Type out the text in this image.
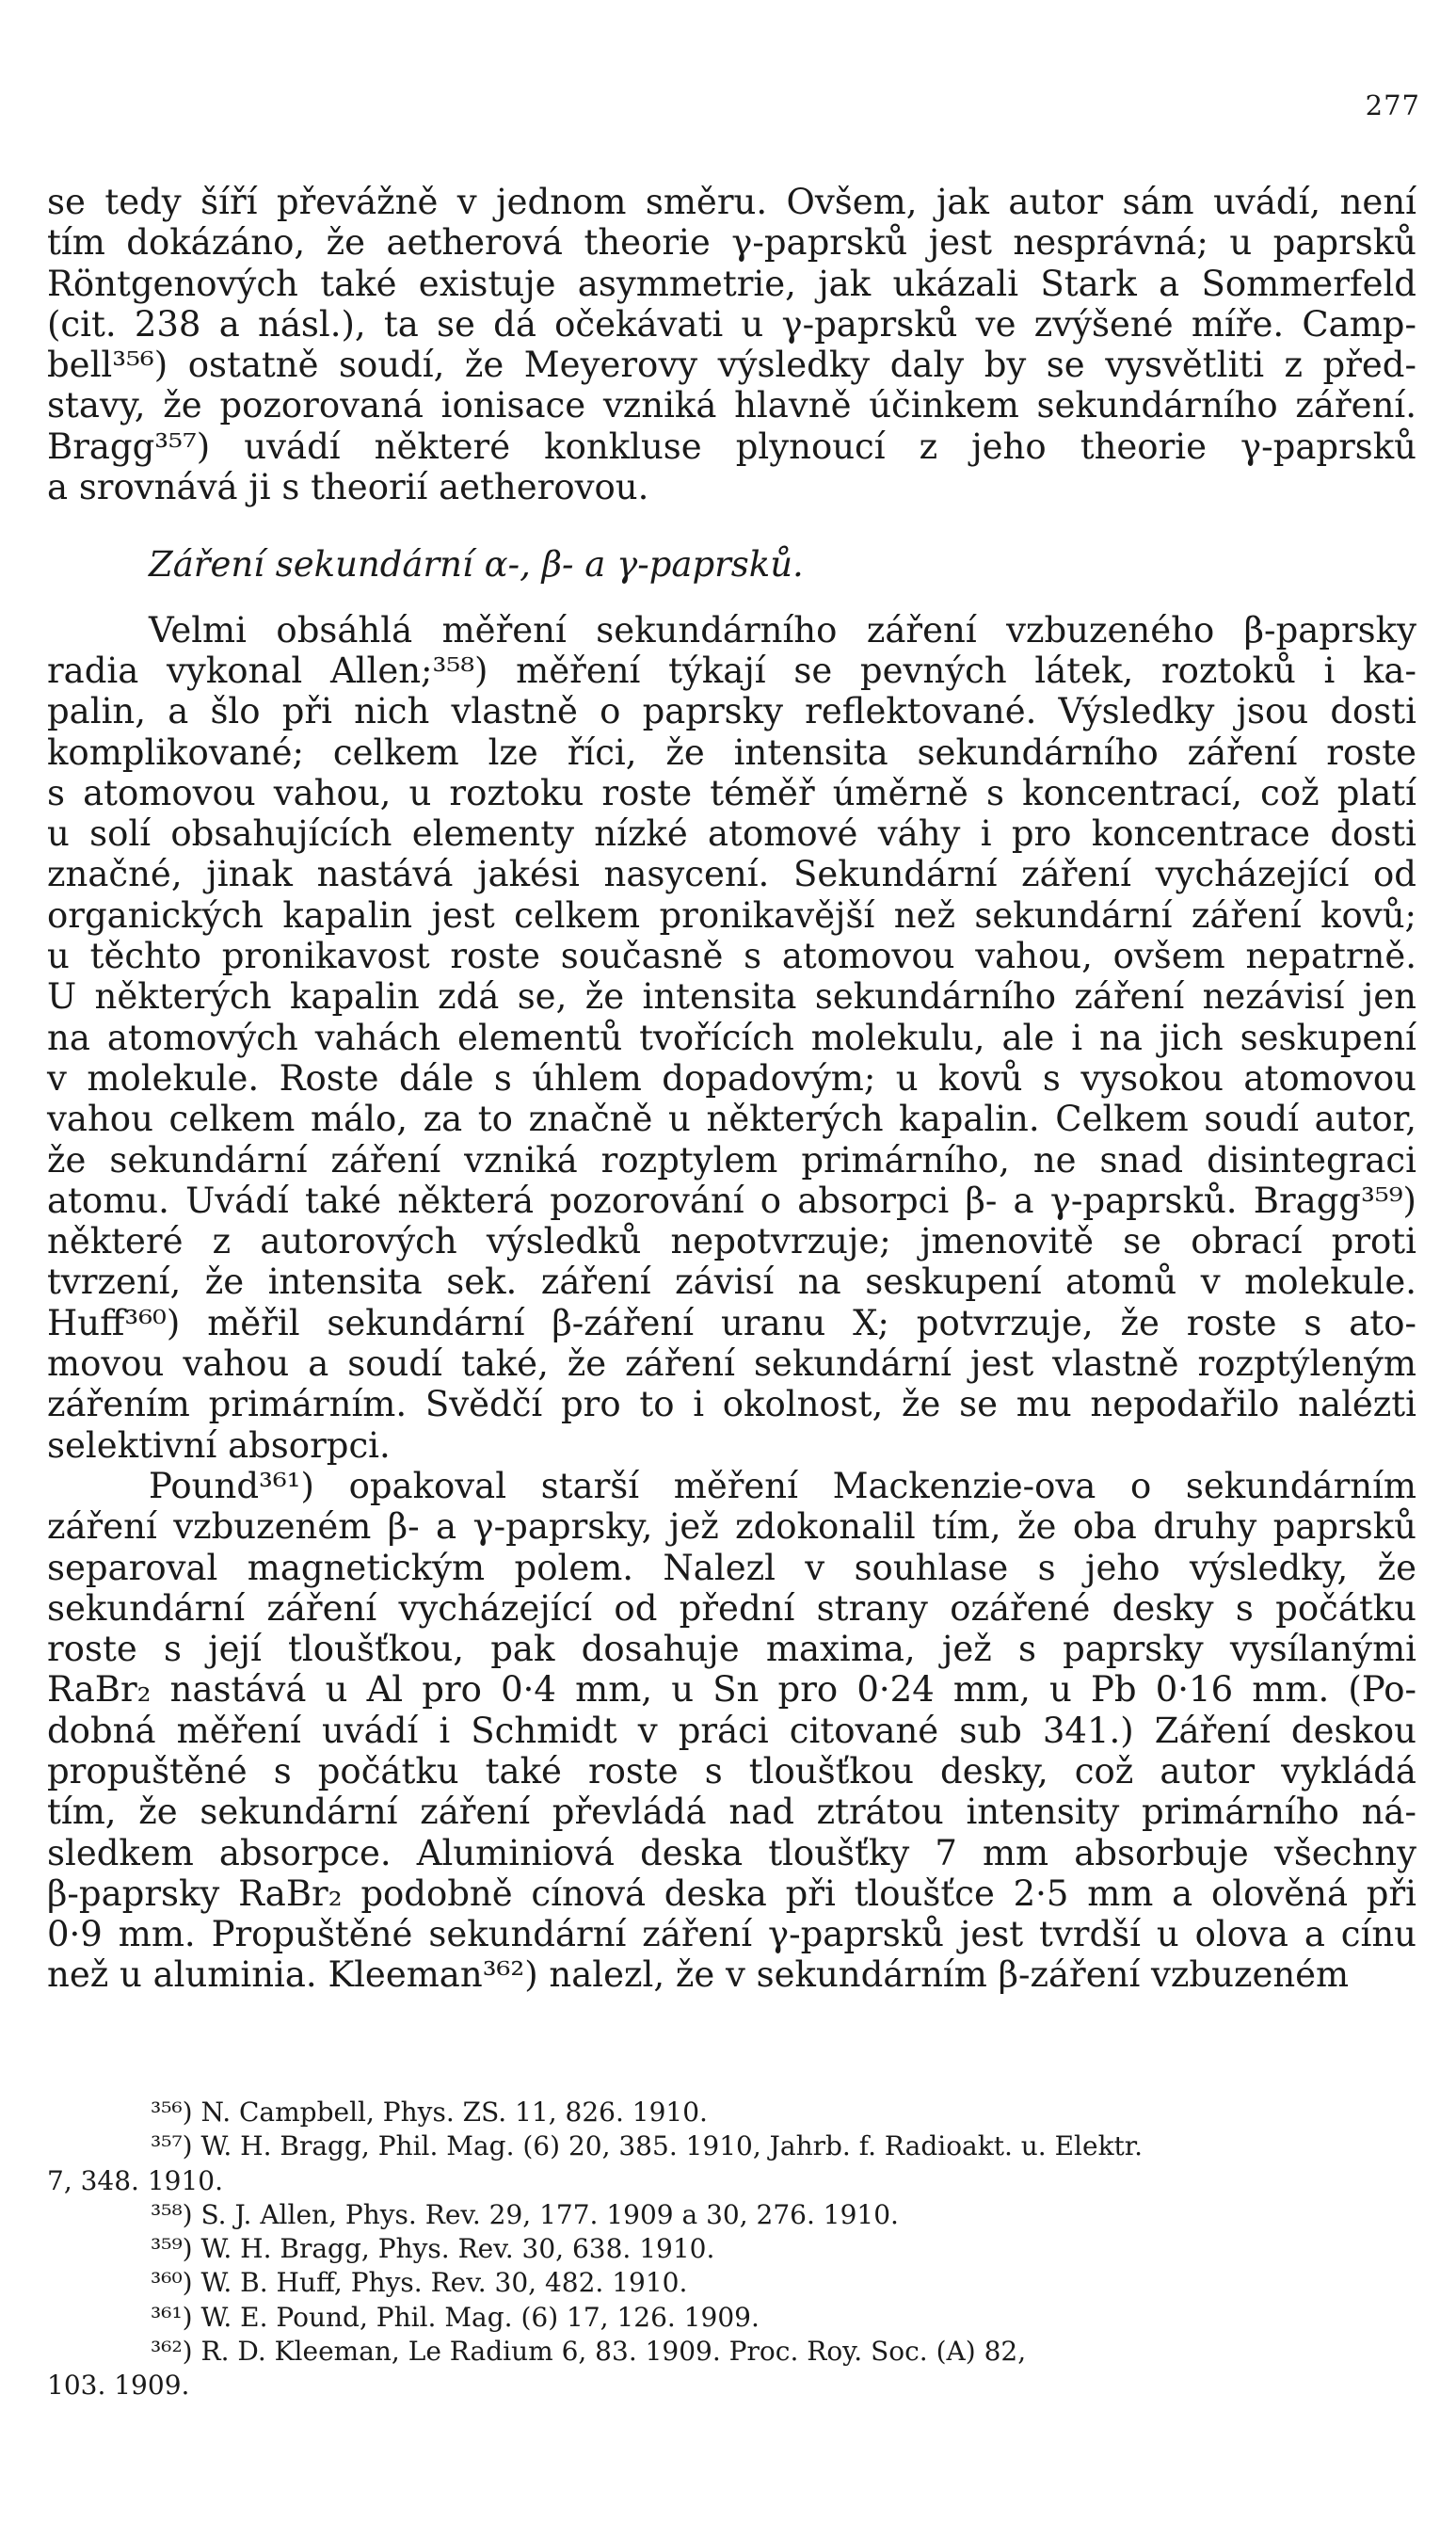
277
se tedy šíří převážně v jednom směru. Ovšem, jak autor sám uvádí, není
tím dokázáno, že aetherová theorie γ-paprsků jest nesprávná; u paprsků
Röntgenových také existuje asymmetrie, jak ukázali Stark a Sommerfeld
(cit. 238 a násl.), ta se dá očekávati u γ-paprsků ve zvýšené míře. Camp-
bell³⁵⁶) ostatně soudí, že Meyerovy výsledky daly by se vysvětliti z před-
stavy, že pozorovaná ionisace vzniká hlavně účinkem sekundárního záření.
Bragg³⁵⁷) uvádí některé konkluse plynoucí z jeho theorie γ-paprsků
a srovnává ji s theorií aetherovou.
Záření sekundární α-, β- a γ-paprsků.
Velmi obsáhlá měření sekundárního záření vzbuzeného β-paprsky
radia vykonal Allen;³⁵⁸) měření týkají se pevných látek, roztoků i ka-
palin, a šlo při nich vlastně o paprsky reflektované. Výsledky jsou dosti
komplikované; celkem lze říci, že intensita sekundárního záření roste
s atomovou vahou, u roztoku roste téměř úměrně s koncentrací, což platí
u solí obsahujících elementy nízké atomové váhy i pro koncentrace dosti
značné, jinak nastává jakési nasycení. Sekundární záření vycházející od
organických kapalin jest celkem pronikavější než sekundární záření kovů;
u těchto pronikavost roste současně s atomovou vahou, ovšem nepatrně.
U některých kapalin zdá se, že intensita sekundárního záření nezávisí jen
na atomových vahách elementů tvořících molekulu, ale i na jich seskupení
v molekule. Roste dále s úhlem dopadovým; u kovů s vysokou atomovou
vahou celkem málo, za to značně u některých kapalin. Celkem soudí autor,
že sekundární záření vzniká rozptylem primárního, ne snad disintegraci
atomu. Uvádí také některá pozorování o absorpci β- a γ-paprsků. Bragg³⁵⁹)
některé z autorových výsledků nepotvrzuje; jmenovitě se obrací proti
tvrzení, že intensita sek. záření závisí na seskupení atomů v molekule.
Huff³⁶⁰) měřil sekundární β-záření uranu X; potvrzuje, že roste s ato-
movou vahou a soudí také, že záření sekundární jest vlastně rozptýleným
zářením primárním. Svědčí pro to i okolnost, že se mu nepodařilo nalézti
selektivní absorpci.
Pound³⁶¹) opakoval starší měření Mackenzie-ova o sekundárním
záření vzbuzeném β- a γ-paprsky, jež zdokonalil tím, že oba druhy paprsků
separoval magnetickým polem. Nalezl v souhlase s jeho výsledky, že
sekundární záření vycházející od přední strany ozářené desky s počátku
roste s její tloušťkou, pak dosahuje maxima, jež s paprsky vysílanými
RaBr₂ nastává u Al pro 0·4 mm, u Sn pro 0·24 mm, u Pb 0·16 mm. (Po-
dobná měření uvádí i Schmidt v práci citované sub 341.) Záření deskou
propuštěné s počátku také roste s tloušťkou desky, což autor vykládá
tím, že sekundární záření převládá nad ztrátou intensity primárního ná-
sledkem absorpce. Aluminiová deska tloušťky 7 mm absorbuje všechny
β-paprsky RaBr₂ podobně cínová deska při tloušťce 2·5 mm a olověná při
0·9 mm. Propuštěné sekundární záření γ-paprsků jest tvrdší u olova a cínu
než u aluminia. Kleeman³⁶²) nalezl, že v sekundárním β-záření vzbuzeném
³⁵⁶) N. Campbell, Phys. ZS. 11, 826. 1910.
³⁵⁷) W. H. Bragg, Phil. Mag. (6) 20, 385. 1910, Jahrb. f. Radioakt. u. Elektr.
7, 348. 1910.
³⁵⁸) S. J. Allen, Phys. Rev. 29, 177. 1909 a 30, 276. 1910.
³⁵⁹) W. H. Bragg, Phys. Rev. 30, 638. 1910.
³⁶⁰) W. B. Huff, Phys. Rev. 30, 482. 1910.
³⁶¹) W. E. Pound, Phil. Mag. (6) 17, 126. 1909.
³⁶²) R. D. Kleeman, Le Radium 6, 83. 1909. Proc. Roy. Soc. (A) 82,
103. 1909.
